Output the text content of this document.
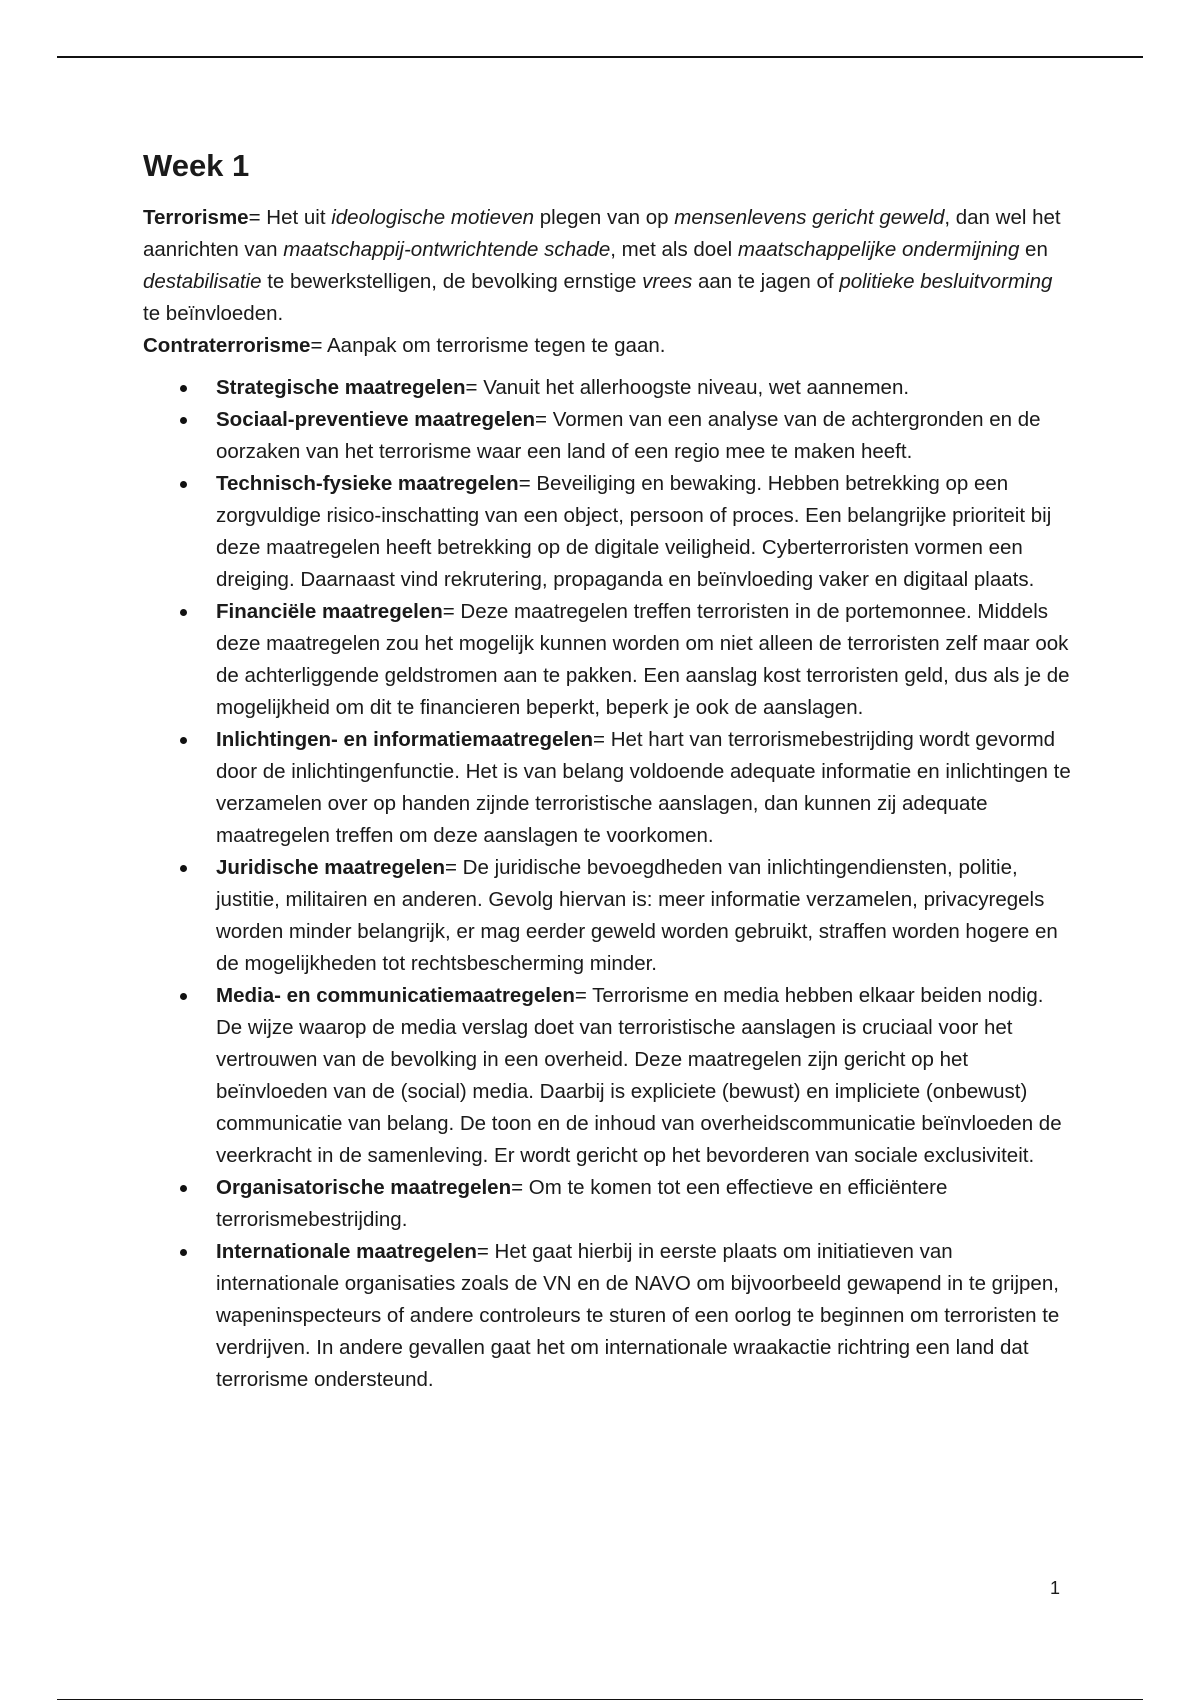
Week 1

Terrorisme= Het uit ideologische motieven plegen van op mensenlevens gericht geweld, dan wel het aanrichten van maatschappij-ontwrichtende schade, met als doel maatschappelijke ondermijning en destabilisatie te bewerkstelligen, de bevolking ernstige vrees aan te jagen of politieke besluitvorming te beïnvloeden.

Contraterrorisme= Aanpak om terrorisme tegen te gaan.

Strategische maatregelen= Vanuit het allerhoogste niveau, wet aannemen.
Sociaal-preventieve maatregelen= Vormen van een analyse van de achtergronden en de oorzaken van het terrorisme waar een land of een regio mee te maken heeft.
Technisch-fysieke maatregelen= Beveiliging en bewaking. Hebben betrekking op een zorgvuldige risico-inschatting van een object, persoon of proces. Een belangrijke prioriteit bij deze maatregelen heeft betrekking op de digitale veiligheid. Cyberterroristen vormen een dreiging. Daarnaast vind rekrutering, propaganda en beïnvloeding vaker en digitaal plaats.
Financiële maatregelen= Deze maatregelen treffen terroristen in de portemonnee. Middels deze maatregelen zou het mogelijk kunnen worden om niet alleen de terroristen zelf maar ook de achterliggende geldstromen aan te pakken. Een aanslag kost terroristen geld, dus als je de mogelijkheid om dit te financieren beperkt, beperk je ook de aanslagen.
Inlichtingen- en informatiemaatregelen= Het hart van terrorismebestrijding wordt gevormd door de inlichtingenfunctie. Het is van belang voldoende adequate informatie en inlichtingen te verzamelen over op handen zijnde terroristische aanslagen, dan kunnen zij adequate maatregelen treffen om deze aanslagen te voorkomen.
Juridische maatregelen= De juridische bevoegdheden van inlichtingendiensten, politie, justitie, militairen en anderen. Gevolg hiervan is: meer informatie verzamelen, privacyregels worden minder belangrijk, er mag eerder geweld worden gebruikt, straffen worden hogere en de mogelijkheden tot rechtsbescherming minder.
Media- en communicatiemaatregelen= Terrorisme en media hebben elkaar beiden nodig. De wijze waarop de media verslag doet van terroristische aanslagen is cruciaal voor het vertrouwen van de bevolking in een overheid. Deze maatregelen zijn gericht op het beïnvloeden van de (social) media. Daarbij is expliciete (bewust) en impliciete (onbewust) communicatie van belang. De toon en de inhoud van overheidscommunicatie beïnvloeden de veerkracht in de samenleving. Er wordt gericht op het bevorderen van sociale exclusiviteit.
Organisatorische maatregelen= Om te komen tot een effectieve en efficiëntere terrorismebestrijding.
Internationale maatregelen= Het gaat hierbij in eerste plaats om initiatieven van internationale organisaties zoals de VN en de NAVO om bijvoorbeeld gewapend in te grijpen, wapeninspecteurs of andere controleurs te sturen of een oorlog te beginnen om terroristen te verdrijven. In andere gevallen gaat het om internationale wraakactie richtring een land dat terrorisme ondersteund.
1
